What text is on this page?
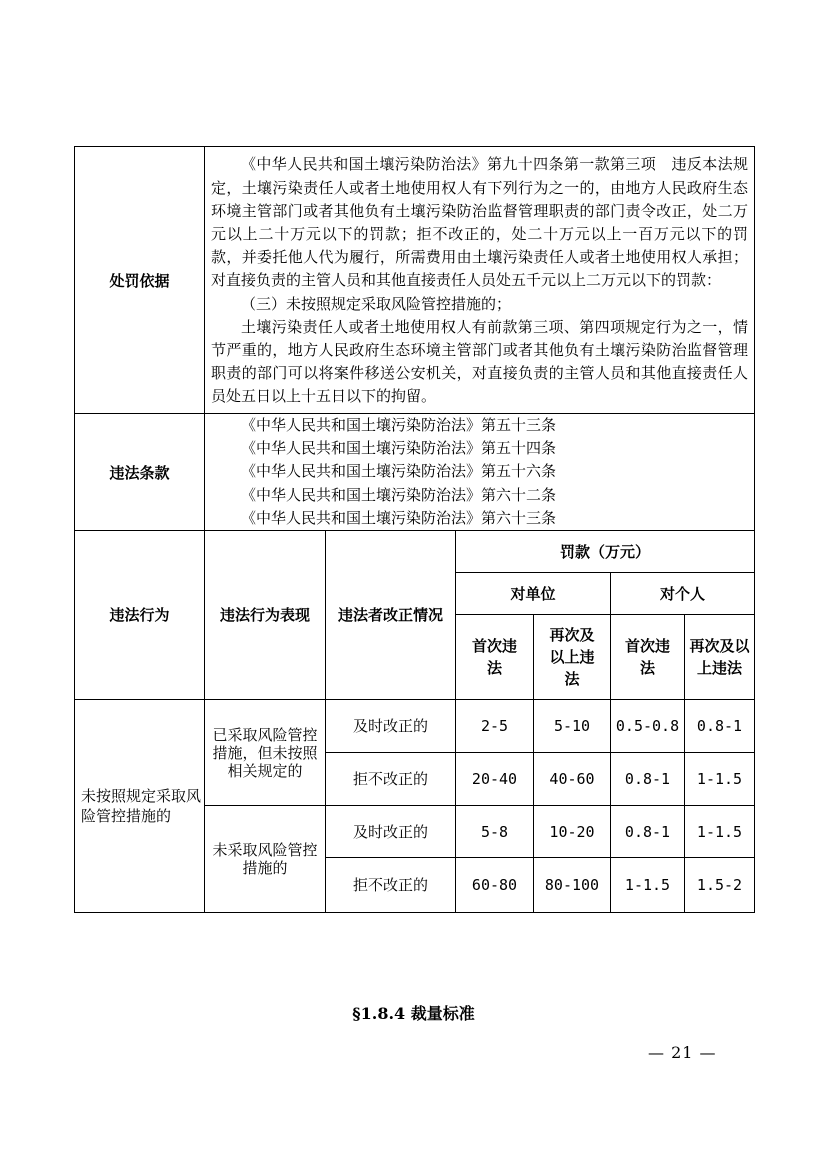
处罚依据	《中华人民共和国土壤污染防治法》第九十四条第一款第三项　违反本法规定，土壤污染责任人或者土地使用权人有下列行为之一的，由地方人民政府生态环境主管部门或者其他负有土壤污染防治监督管理职责的部门责令改正，处二万元以上二十万元以下的罚款；拒不改正的，处二十万元以上一百万元以下的罚款，并委托他人代为履行，所需费用由土壤污染责任人或者土地使用权人承担；对直接负责的主管人员和其他直接责任人员处五千元以上二万元以下的罚款：

（三）未按照规定采取风险管控措施的；

土壤污染责任人或者土地使用权人有前款第三项、第四项规定行为之一，情节严重的，地方人民政府生态环境主管部门或者其他负有土壤污染防治监督管理职责的部门可以将案件移送公安机关，对直接负责的主管人员和其他直接责任人员处五日以上十五日以下的拘留。					

违法条款	《中华人民共和国土壤污染防治法》第五十三条
《中华人民共和国土壤污染防治法》第五十四条
《中华人民共和国土壤污染防治法》第五十六条
《中华人民共和国土壤污染防治法》第六十二条
《中华人民共和国土壤污染防治法》第六十三条					

违法行为	违法行为表现	违法者改正情况	罚款（万元）			
			对单位		对个人	
			首次违法	再次及以上违法	首次违法	再次及以上违法
未按照规定采取风险管控措施的	已采取风险管控措施，但未按照相关规定的	及时改正的	2-5	5-10	0.5-0.8	0.8-1
		拒不改正的	20-40	40-60	0.8-1	1-1.5
	未采取风险管控措施的	及时改正的	5-8	10-20	0.8-1	1-1.5
		拒不改正的	60-80	80-100	1-1.5	1.5-2
§1.8.4 裁量标准
— 21 —
